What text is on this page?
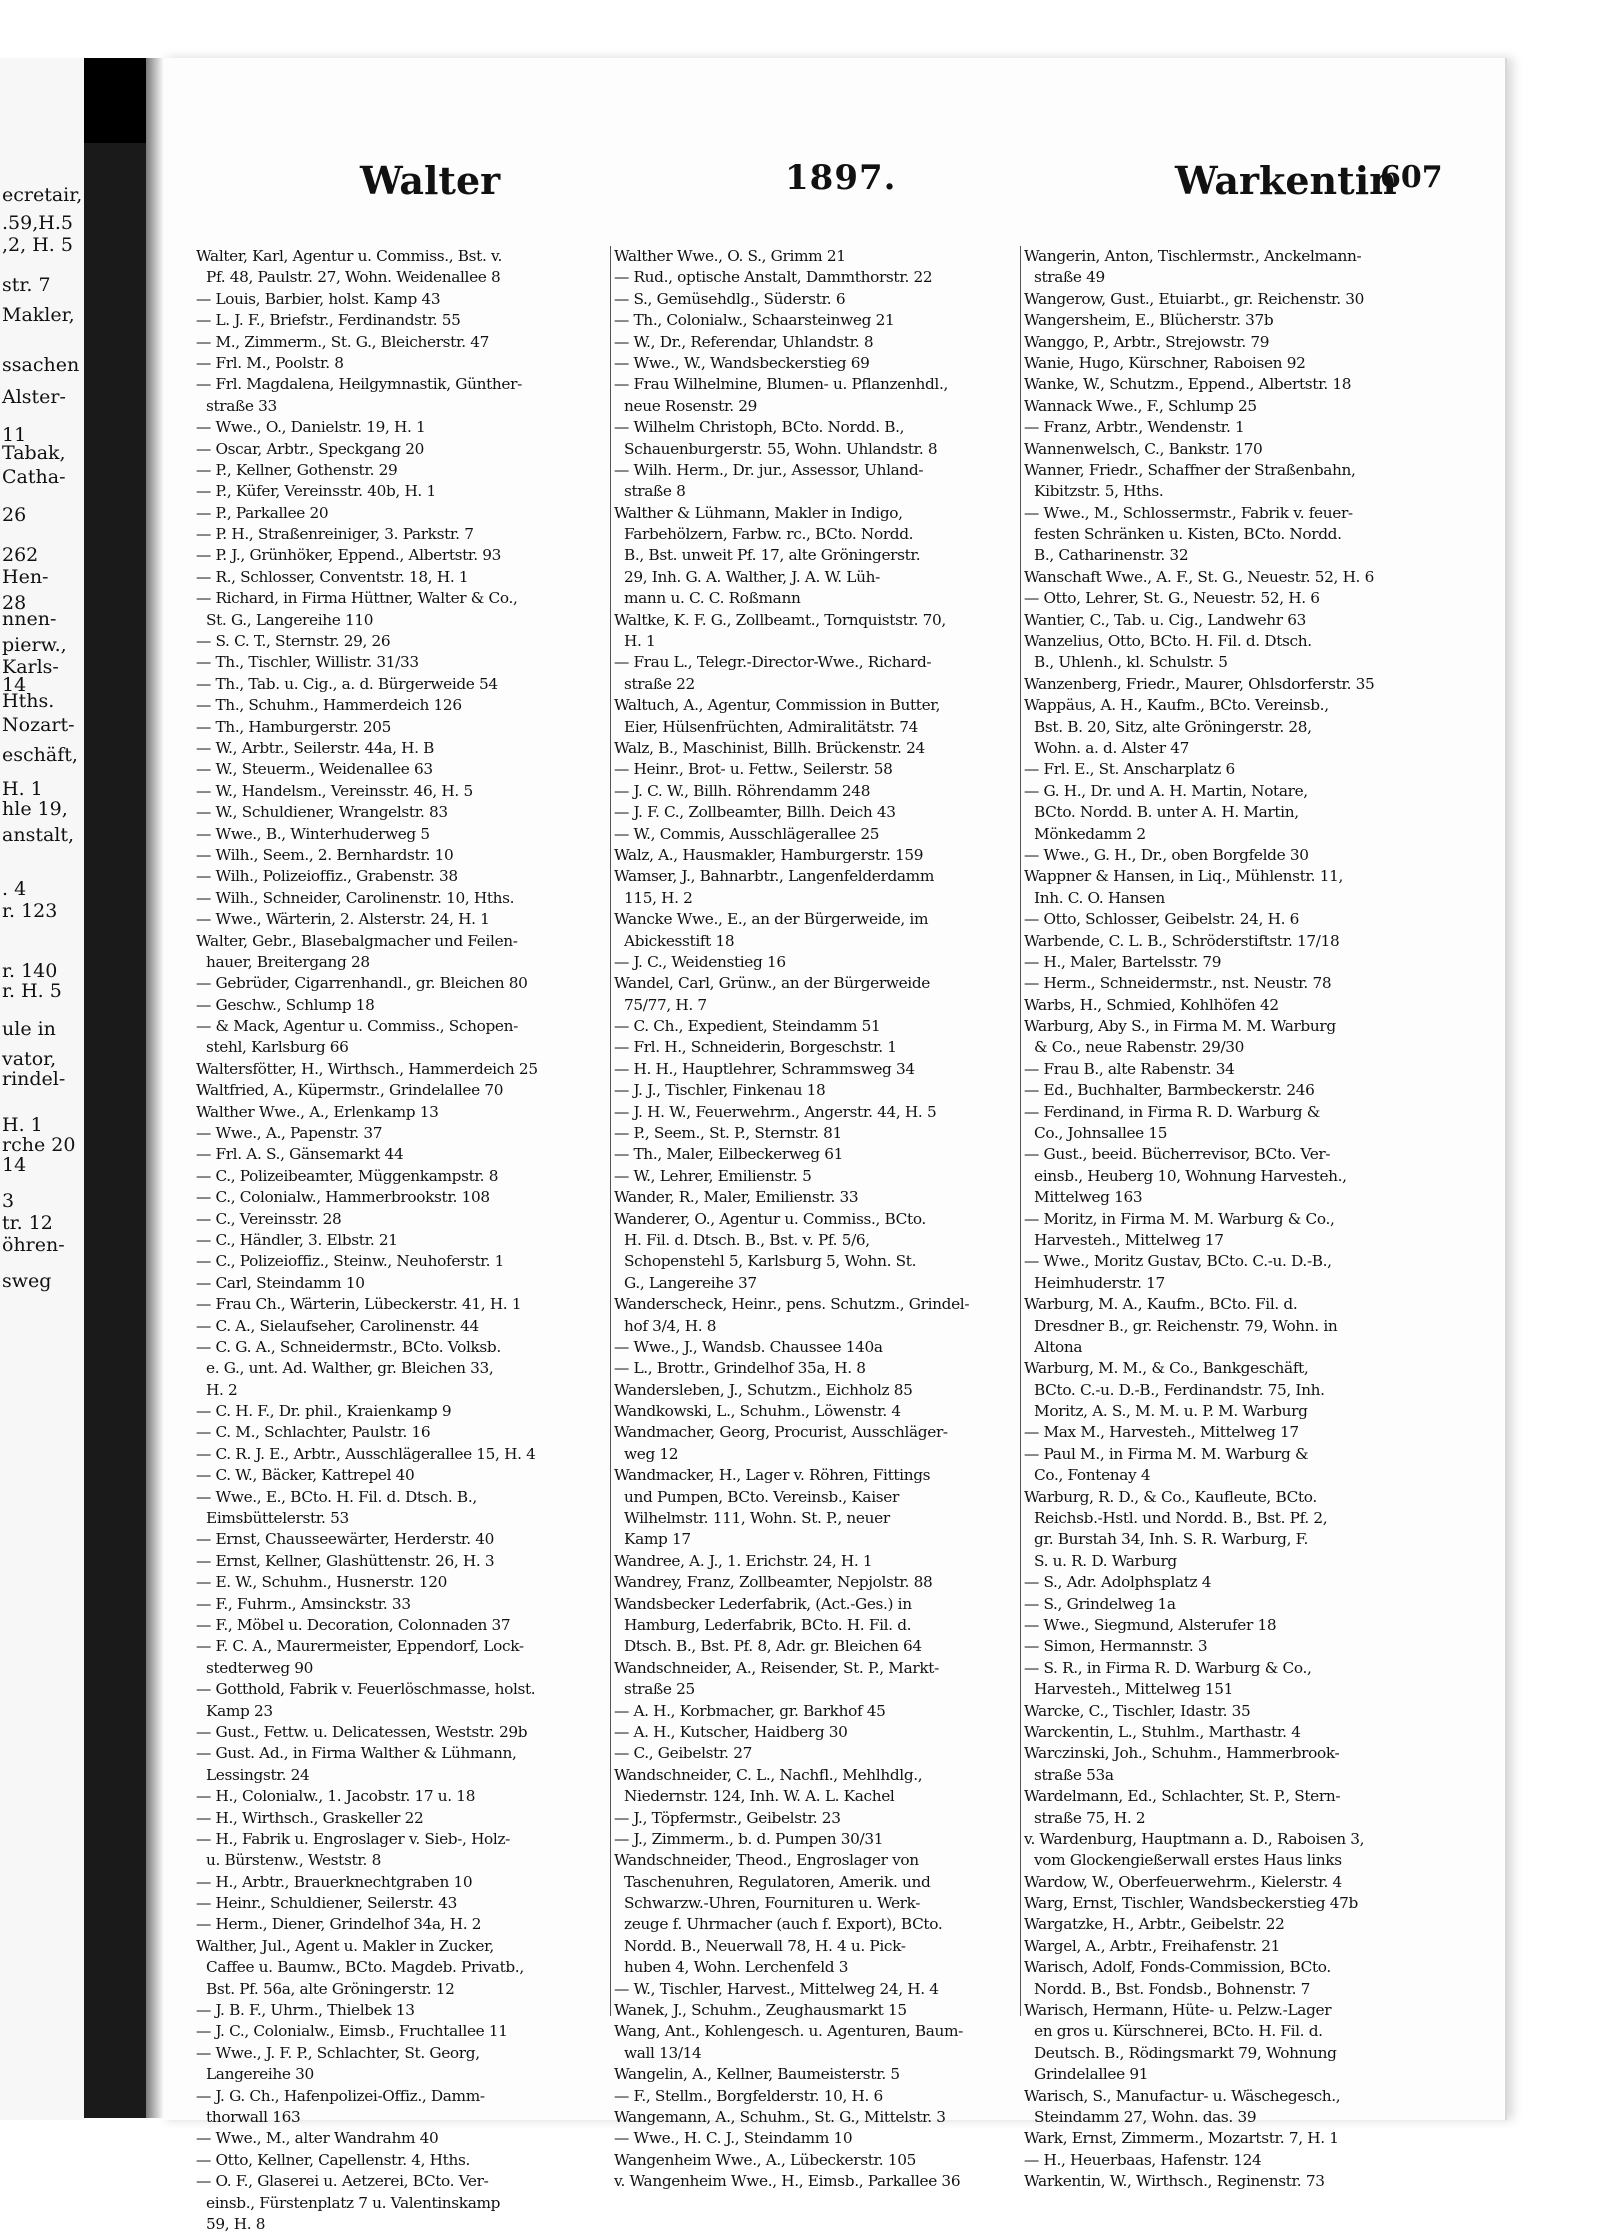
ecretair,
.59,H.5
,2, H. 5
str. 7
Makler,
ssachen
Alster-
11
Tabak,
Catha-
26
262
Hen-
28
nnen-
pierw.,
Karls-
14
Hths.
Nozart-
eschäft,
H. 1
hle 19,
anstalt,
. 4
r. 123
r. 140
r. H. 5
ule in
vator,
rindel-
H. 1
rche 20
14
3
tr. 12
öhren-
sweg
Walter	1897.	Warkentin
607
Walter, Karl, Agentur u. Commiss., Bst. v.
Pf. 48, Paulstr. 27, Wohn. Weidenallee 8
— Louis, Barbier, holst. Kamp 43
— L. J. F., Briefstr., Ferdinandstr. 55
— M., Zimmerm., St. G., Bleicherstr. 47
— Frl. M., Poolstr. 8
— Frl. Magdalena, Heilgymnastik, Günther-
straße 33
— Wwe., O., Danielstr. 19, H. 1
— Oscar, Arbtr., Speckgang 20
— P., Kellner, Gothenstr. 29
— P., Küfer, Vereinsstr. 40b, H. 1
— P., Parkallee 20
— P. H., Straßenreiniger, 3. Parkstr. 7
— P. J., Grünhöker, Eppend., Albertstr. 93
— R., Schlosser, Conventstr. 18, H. 1
— Richard, in Firma Hüttner, Walter & Co.,
St. G., Langereihe 110
— S. C. T., Sternstr. 29, 26
— Th., Tischler, Willistr. 31/33
— Th., Tab. u. Cig., a. d. Bürgerweide 54
— Th., Schuhm., Hammerdeich 126
— Th., Hamburgerstr. 205
— W., Arbtr., Seilerstr. 44a, H. B
— W., Steuerm., Weidenallee 63
— W., Handelsm., Vereinsstr. 46, H. 5
— W., Schuldiener, Wrangelstr. 83
— Wwe., B., Winterhuderweg 5
— Wilh., Seem., 2. Bernhardstr. 10
— Wilh., Polizeioffiz., Grabenstr. 38
— Wilh., Schneider, Carolinenstr. 10, Hths.
— Wwe., Wärterin, 2. Alsterstr. 24, H. 1
Walter, Gebr., Blasebalgmacher und Feilen-
hauer, Breitergang 28
— Gebrüder, Cigarrenhandl., gr. Bleichen 80
— Geschw., Schlump 18
— & Mack, Agentur u. Commiss., Schopen-
stehl, Karlsburg 66
Waltersfötter, H., Wirthsch., Hammerdeich 25
Waltfried, A., Küpermstr., Grindelallee 70
Walther Wwe., A., Erlenkamp 13
— Wwe., A., Papenstr. 37
— Frl. A. S., Gänsemarkt 44
— C., Polizeibeamter, Müggenkampstr. 8
— C., Colonialw., Hammerbrookstr. 108
— C., Vereinsstr. 28
— C., Händler, 3. Elbstr. 21
— C., Polizeioffiz., Steinw., Neuhoferstr. 1
— Carl, Steindamm 10
— Frau Ch., Wärterin, Lübeckerstr. 41, H. 1
— C. A., Sielaufseher, Carolinenstr. 44
— C. G. A., Schneidermstr., BCto. Volksb.
e. G., unt. Ad. Walther, gr. Bleichen 33,
H. 2
— C. H. F., Dr. phil., Kraienkamp 9
— C. M., Schlachter, Paulstr. 16
— C. R. J. E., Arbtr., Ausschlägerallee 15, H. 4
— C. W., Bäcker, Kattrepel 40
— Wwe., E., BCto. H. Fil. d. Dtsch. B.,
Eimsbüttelerstr. 53
— Ernst, Chausseewärter, Herderstr. 40
— Ernst, Kellner, Glashüttenstr. 26, H. 3
— E. W., Schuhm., Husnerstr. 120
— F., Fuhrm., Amsinckstr. 33
— F., Möbel u. Decoration, Colonnaden 37
— F. C. A., Maurermeister, Eppendorf, Lock-
stedterweg 90
— Gotthold, Fabrik v. Feuerlöschmasse, holst.
Kamp 23
— Gust., Fettw. u. Delicatessen, Weststr. 29b
— Gust. Ad., in Firma Walther & Lühmann,
Lessingstr. 24
— H., Colonialw., 1. Jacobstr. 17 u. 18
— H., Wirthsch., Graskeller 22
— H., Fabrik u. Engroslager v. Sieb-, Holz-
u. Bürstenw., Weststr. 8
— H., Arbtr., Brauerknechtgraben 10
— Heinr., Schuldiener, Seilerstr. 43
— Herm., Diener, Grindelhof 34a, H. 2
Walther, Jul., Agent u. Makler in Zucker,
Caffee u. Baumw., BCto. Magdeb. Privatb.,
Bst. Pf. 56a, alte Gröningerstr. 12
— J. B. F., Uhrm., Thielbek 13
— J. C., Colonialw., Eimsb., Fruchtallee 11
— Wwe., J. F. P., Schlachter, St. Georg,
Langereihe 30
— J. G. Ch., Hafenpolizei-Offiz., Damm-
thorwall 163
— Wwe., M., alter Wandrahm 40
— Otto, Kellner, Capellenstr. 4, Hths.
— O. F., Glaserei u. Aetzerei, BCto. Ver-
einsb., Fürstenplatz 7 u. Valentinskamp
59, H. 8
Walther Wwe., O. S., Grimm 21
— Rud., optische Anstalt, Dammthorstr. 22
— S., Gemüsehdlg., Süderstr. 6
— Th., Colonialw., Schaarsteinweg 21
— W., Dr., Referendar, Uhlandstr. 8
— Wwe., W., Wandsbeckerstieg 69
— Frau Wilhelmine, Blumen- u. Pflanzenhdl.,
neue Rosenstr. 29
— Wilhelm Christoph, BCto. Nordd. B.,
Schauenburgerstr. 55, Wohn. Uhlandstr. 8
— Wilh. Herm., Dr. jur., Assessor, Uhland-
straße 8
Walther & Lühmann, Makler in Indigo,
Farbehölzern, Farbw. rc., BCto. Nordd.
B., Bst. unweit Pf. 17, alte Gröningerstr.
29, Inh. G. A. Walther, J. A. W. Lüh-
mann u. C. C. Roßmann
Waltke, K. F. G., Zollbeamt., Tornquiststr. 70,
H. 1
— Frau L., Telegr.-Director-Wwe., Richard-
straße 22
Waltuch, A., Agentur, Commission in Butter,
Eier, Hülsenfrüchten, Admiralitätstr. 74
Walz, B., Maschinist, Billh. Brückenstr. 24
— Heinr., Brot- u. Fettw., Seilerstr. 58
— J. C. W., Billh. Röhrendamm 248
— J. F. C., Zollbeamter, Billh. Deich 43
— W., Commis, Ausschlägerallee 25
Walz, A., Hausmakler, Hamburgerstr. 159
Wamser, J., Bahnarbtr., Langenfelderdamm
115, H. 2
Wancke Wwe., E., an der Bürgerweide, im
Abickesstift 18
— J. C., Weidenstieg 16
Wandel, Carl, Grünw., an der Bürgerweide
75/77, H. 7
— C. Ch., Expedient, Steindamm 51
— Frl. H., Schneiderin, Borgeschstr. 1
— H. H., Hauptlehrer, Schrammsweg 34
— J. J., Tischler, Finkenau 18
— J. H. W., Feuerwehrm., Angerstr. 44, H. 5
— P., Seem., St. P., Sternstr. 81
— Th., Maler, Eilbeckerweg 61
— W., Lehrer, Emilienstr. 5
Wander, R., Maler, Emilienstr. 33
Wanderer, O., Agentur u. Commiss., BCto.
H. Fil. d. Dtsch. B., Bst. v. Pf. 5/6,
Schopenstehl 5, Karlsburg 5, Wohn. St.
G., Langereihe 37
Wanderscheck, Heinr., pens. Schutzm., Grindel-
hof 3/4, H. 8
— Wwe., J., Wandsb. Chaussee 140a
— L., Brottr., Grindelhof 35a, H. 8
Wandersleben, J., Schutzm., Eichholz 85
Wandkowski, L., Schuhm., Löwenstr. 4
Wandmacher, Georg, Procurist, Ausschläger-
weg 12
Wandmacker, H., Lager v. Röhren, Fittings
und Pumpen, BCto. Vereinsb., Kaiser
Wilhelmstr. 111, Wohn. St. P., neuer
Kamp 17
Wandree, A. J., 1. Erichstr. 24, H. 1
Wandrey, Franz, Zollbeamter, Nepjolstr. 88
Wandsbecker Lederfabrik, (Act.-Ges.) in
Hamburg, Lederfabrik, BCto. H. Fil. d.
Dtsch. B., Bst. Pf. 8, Adr. gr. Bleichen 64
Wandschneider, A., Reisender, St. P., Markt-
straße 25
— A. H., Korbmacher, gr. Barkhof 45
— A. H., Kutscher, Haidberg 30
— C., Geibelstr. 27
Wandschneider, C. L., Nachfl., Mehlhdlg.,
Niedernstr. 124, Inh. W. A. L. Kachel
— J., Töpfermstr., Geibelstr. 23
— J., Zimmerm., b. d. Pumpen 30/31
Wandschneider, Theod., Engroslager von
Taschenuhren, Regulatoren, Amerik. und
Schwarzw.-Uhren, Fournituren u. Werk-
zeuge f. Uhrmacher (auch f. Export), BCto.
Nordd. B., Neuerwall 78, H. 4 u. Pick-
huben 4, Wohn. Lerchenfeld 3
— W., Tischler, Harvest., Mittelweg 24, H. 4
Wanek, J., Schuhm., Zeughausmarkt 15
Wang, Ant., Kohlengesch. u. Agenturen, Baum-
wall 13/14
Wangelin, A., Kellner, Baumeisterstr. 5
— F., Stellm., Borgfelderstr. 10, H. 6
Wangemann, A., Schuhm., St. G., Mittelstr. 3
— Wwe., H. C. J., Steindamm 10
Wangenheim Wwe., A., Lübeckerstr. 105
v. Wangenheim Wwe., H., Eimsb., Parkallee 36
Wangerin, Anton, Tischlermstr., Anckelmann-
straße 49
Wangerow, Gust., Etuiarbt., gr. Reichenstr. 30
Wangersheim, E., Blücherstr. 37b
Wanggo, P., Arbtr., Strejowstr. 79
Wanie, Hugo, Kürschner, Raboisen 92
Wanke, W., Schutzm., Eppend., Albertstr. 18
Wannack Wwe., F., Schlump 25
— Franz, Arbtr., Wendenstr. 1
Wannenwelsch, C., Bankstr. 170
Wanner, Friedr., Schaffner der Straßenbahn,
Kibitzstr. 5, Hths.
— Wwe., M., Schlossermstr., Fabrik v. feuer-
festen Schränken u. Kisten, BCto. Nordd.
B., Catharinenstr. 32
Wanschaft Wwe., A. F., St. G., Neuestr. 52, H. 6
— Otto, Lehrer, St. G., Neuestr. 52, H. 6
Wantier, C., Tab. u. Cig., Landwehr 63
Wanzelius, Otto, BCto. H. Fil. d. Dtsch.
B., Uhlenh., kl. Schulstr. 5
Wanzenberg, Friedr., Maurer, Ohlsdorferstr. 35
Wappäus, A. H., Kaufm., BCto. Vereinsb.,
Bst. B. 20, Sitz, alte Gröningerstr. 28,
Wohn. a. d. Alster 47
— Frl. E., St. Anscharplatz 6
— G. H., Dr. und A. H. Martin, Notare,
BCto. Nordd. B. unter A. H. Martin,
Mönkedamm 2
— Wwe., G. H., Dr., oben Borgfelde 30
Wappner & Hansen, in Liq., Mühlenstr. 11,
Inh. C. O. Hansen
— Otto, Schlosser, Geibelstr. 24, H. 6
Warbende, C. L. B., Schröderstiftstr. 17/18
— H., Maler, Bartelsstr. 79
— Herm., Schneidermstr., nst. Neustr. 78
Warbs, H., Schmied, Kohlhöfen 42
Warburg, Aby S., in Firma M. M. Warburg
& Co., neue Rabenstr. 29/30
— Frau B., alte Rabenstr. 34
— Ed., Buchhalter, Barmbeckerstr. 246
— Ferdinand, in Firma R. D. Warburg &
Co., Johnsallee 15
— Gust., beeid. Bücherrevisor, BCto. Ver-
einsb., Heuberg 10, Wohnung Harvesteh.,
Mittelweg 163
— Moritz, in Firma M. M. Warburg & Co.,
Harvesteh., Mittelweg 17
— Wwe., Moritz Gustav, BCto. C.-u. D.-B.,
Heimhuderstr. 17
Warburg, M. A., Kaufm., BCto. Fil. d.
Dresdner B., gr. Reichenstr. 79, Wohn. in
Altona
Warburg, M. M., & Co., Bankgeschäft,
BCto. C.-u. D.-B., Ferdinandstr. 75, Inh.
Moritz, A. S., M. M. u. P. M. Warburg
— Max M., Harvesteh., Mittelweg 17
— Paul M., in Firma M. M. Warburg &
Co., Fontenay 4
Warburg, R. D., & Co., Kaufleute, BCto.
Reichsb.-Hstl. und Nordd. B., Bst. Pf. 2,
gr. Burstah 34, Inh. S. R. Warburg, F.
S. u. R. D. Warburg
— S., Adr. Adolphsplatz 4
— S., Grindelweg 1a
— Wwe., Siegmund, Alsterufer 18
— Simon, Hermannstr. 3
— S. R., in Firma R. D. Warburg & Co.,
Harvesteh., Mittelweg 151
Warcke, C., Tischler, Idastr. 35
Warckentin, L., Stuhlm., Marthastr. 4
Warczinski, Joh., Schuhm., Hammerbrook-
straße 53a
Wardelmann, Ed., Schlachter, St. P., Stern-
straße 75, H. 2
v. Wardenburg, Hauptmann a. D., Raboisen 3,
vom Glockengießerwall erstes Haus links
Wardow, W., Oberfeuerwehrm., Kielerstr. 4
Warg, Ernst, Tischler, Wandsbeckerstieg 47b
Wargatzke, H., Arbtr., Geibelstr. 22
Wargel, A., Arbtr., Freihafenstr. 21
Warisch, Adolf, Fonds-Commission, BCto.
Nordd. B., Bst. Fondsb., Bohnenstr. 7
Warisch, Hermann, Hüte- u. Pelzw.-Lager
en gros u. Kürschnerei, BCto. H. Fil. d.
Deutsch. B., Rödingsmarkt 79, Wohnung
Grindelallee 91
Warisch, S., Manufactur- u. Wäschegesch.,
Steindamm 27, Wohn. das. 39
Wark, Ernst, Zimmerm., Mozartstr. 7, H. 1
— H., Heuerbaas, Hafenstr. 124
Warkentin, W., Wirthsch., Reginenstr. 73
